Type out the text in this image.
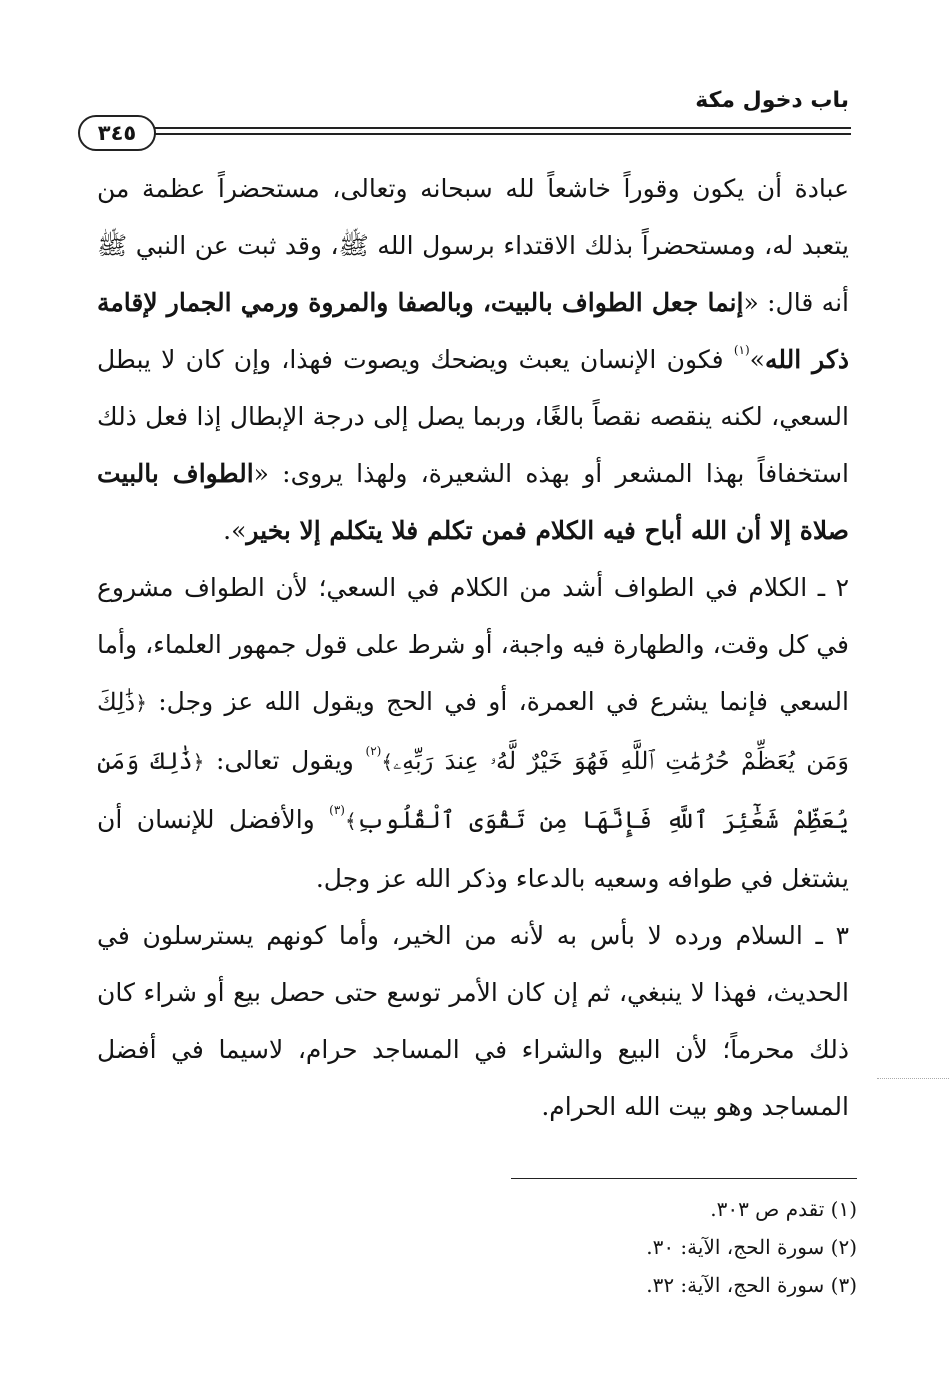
باب دخول مكة
٣٤٥

عبادة أن يكون وقوراً خاشعاً لله سبحانه وتعالى، مستحضراً عظمة من يتعبد له، ومستحضراً بذلك الاقتداء برسول الله ﷺ، وقد ثبت عن النبي ﷺ أنه قال: «إنما جعل الطواف بالبيت، وبالصفا والمروة ورمي الجمار لإقامة ذكر الله»$^{(١)}$ فكون الإنسان يعبث ويضحك ويصوت فهذا، وإن كان لا يبطل السعي، لكنه ينقصه نقصاً بالغًا، وربما يصل إلى درجة الإبطال إذا فعل ذلك استخفافاً بهذا المشعر أو بهذه الشعيرة، ولهذا يروى: «الطواف بالبيت صلاة إلا أن الله أباح فيه الكلام فمن تكلم فلا يتكلم إلا بخير».

٢ ـ الكلام في الطواف أشد من الكلام في السعي؛ لأن الطواف مشروع في كل وقت، والطهارة فيه واجبة، أو شرط على قول جمهور العلماء، وأما السعي فإنما يشرع في العمرة، أو في الحج ويقول الله عز وجل: ﴿ذَٰلِكَ وَمَن يُعَظِّمْ حُرُمَٰتِ ٱللَّهِ فَهُوَ خَيْرٌ لَّهُۥ عِندَ رَبِّهِۦ﴾$^{(٢)}$ ويقول تعالى: ﴿ذَٰلِكَ وَمَن يُعَظِّمْ شَعَٰٓئِرَ ٱللَّهِ فَإِنَّهَا مِن تَقْوَى ٱلْقُلُوبِ﴾$^{(٣)}$ والأفضل للإنسان أن يشتغل في طوافه وسعيه بالدعاء وذكر الله عز وجل.

٣ ـ السلام ورده لا بأس به لأنه من الخير، وأما كونهم يسترسلون في الحديث، فهذا لا ينبغي، ثم إن كان الأمر توسع حتى حصل بيع أو شراء كان ذلك محرماً؛ لأن البيع والشراء في المساجد حرام، لاسيما في أفضل المساجد وهو بيت الله الحرام.

(١) تقدم ص ٣٠٣.
(٢) سورة الحج، الآية: ٣٠.
(٣) سورة الحج، الآية: ٣٢.
